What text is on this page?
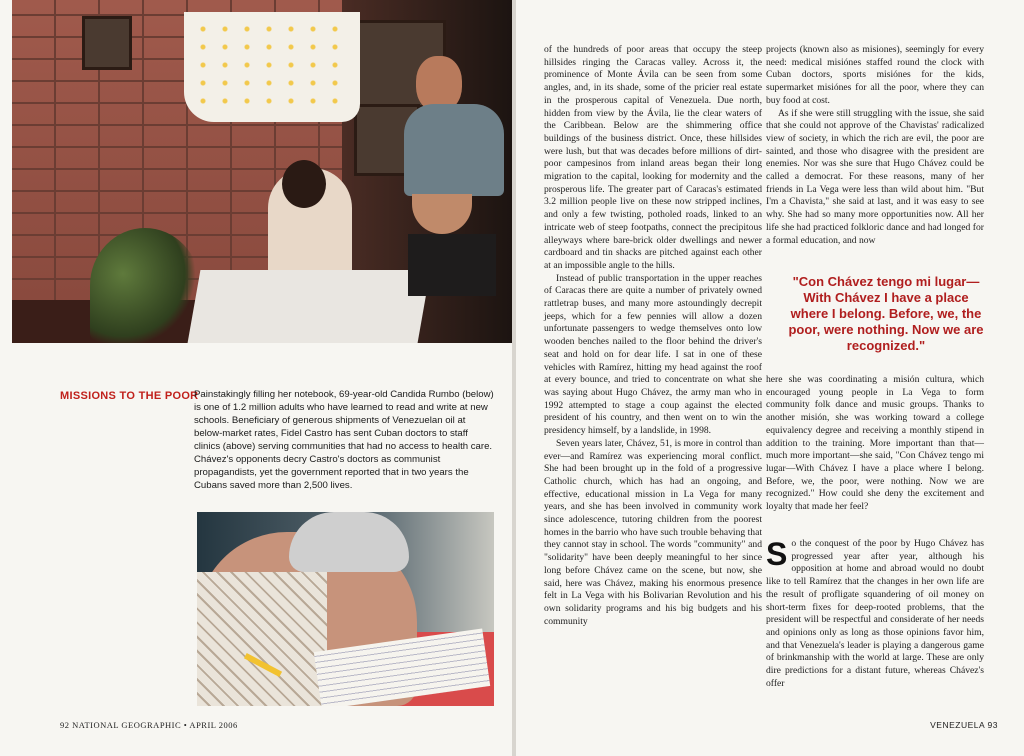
MISSIONS TO THE POOR
Painstakingly filling her notebook, 69-year-old Candida Rumbo (below) is one of 1.2 million adults who have learned to read and write at new schools. Beneficiary of generous shipments of Venezuelan oil at below-market rates, Fidel Castro has sent Cuban doctors to staff clinics (above) serving communities that had no access to health care. Chávez's opponents decry Castro's doctors as communist propagandists, yet the government reported that in two years the Cubans saved more than 2,500 lives.
92 NATIONAL GEOGRAPHIC • APRIL 2006

of the hundreds of poor areas that occupy the steep hillsides ringing the Caracas valley. Across it, the prominence of Monte Ávila can be seen from some angles, and, in its shade, some of the pricier real estate in the prosperous capital of Venezuela. Due north, hidden from view by the Ávila, lie the clear waters of the Caribbean. Below are the shimmering office buildings of the business district. Once, these hillsides were lush, but that was decades before millions of dirt-poor campesinos from inland areas began their long migration to the capital, looking for modernity and the prosperous life. The greater part of Caracas's estimated 3.2 million people live on these now stripped inclines, and only a few twisting, potholed roads, linked to an intricate web of steep footpaths, connect the precipitous alleyways where bare-brick older dwellings and newer cardboard and tin shacks are pitched against each other at an impossible angle to the hills.

Instead of public transportation in the upper reaches of Caracas there are quite a number of privately owned rattletrap buses, and many more astoundingly decrepit jeeps, which for a few pennies will allow a dozen unfortunate passengers to wedge themselves onto low wooden benches nailed to the floor behind the driver's seat and hold on for dear life. I sat in one of these vehicles with Ramírez, hitting my head against the roof at every bounce, and tried to concentrate on what she was saying about Hugo Chávez, the army man who in 1992 attempted to stage a coup against the elected president of his country, and then went on to win the presidency himself, by a landslide, in 1998.

Seven years later, Chávez, 51, is more in control than ever—and Ramírez was experiencing moral conflict. She had been brought up in the fold of a progressive Catholic church, which has had an ongoing, and effective, educational mission in La Vega for many years, and she has been involved in community work since adolescence, tutoring children from the poorest homes in the barrio who have such trouble behaving that they cannot stay in school. The words "community" and "solidarity" have been deeply meaningful to her since long before Chávez came on the scene, but now, she said, here was Chávez, making his enormous presence felt in La Vega with his Bolivarian Revolution and his own solidarity programs and his big budgets and his community

projects (known also as misiones), seemingly for every need: medical misiónes staffed round the clock with Cuban doctors, sports misiónes for the kids, supermarket misiónes for all the poor, where they can buy food at cost.

As if she were still struggling with the issue, she said that she could not approve of the Chavistas' radicalized view of society, in which the rich are evil, the poor are sainted, and those who disagree with the president are enemies. Nor was she sure that Hugo Chávez could be called a democrat. For these reasons, many of her friends in La Vega were less than wild about him. "But I'm a Chavista," she said at last, and it was easy to see why. She had so many more opportunities now. All her life she had practiced folkloric dance and had longed for a formal education, and now

"Con Chávez tengo mi lugar— With Chávez I have a place where I belong. Before, we, the poor, were nothing. Now we are recognized."

here she was coordinating a misión cultura, which encouraged young people in La Vega to form community folk dance and music groups. Thanks to another misión, she was working toward a college equivalency degree and receiving a monthly stipend in addition to the training. More important than that—much more important—she said, "Con Chávez tengo mi lugar—With Chávez I have a place where I belong. Before, we, the poor, were nothing. Now we are recognized." How could she deny the excitement and loyalty that made her feel?

S o the conquest of the poor by Hugo Chávez has progressed year after year, although his opposition at home and abroad would no doubt like to tell Ramírez that the changes in her own life are the result of profligate squandering of oil money on short-term fixes for deep-rooted problems, that the president will be respectful and considerate of her needs and opinions only as long as those opinions favor him, and that Venezuela's leader is playing a dangerous game of brinkmanship with the world at large. These are only dire predictions for a distant future, whereas Chávez's offer
VENEZUELA 93
